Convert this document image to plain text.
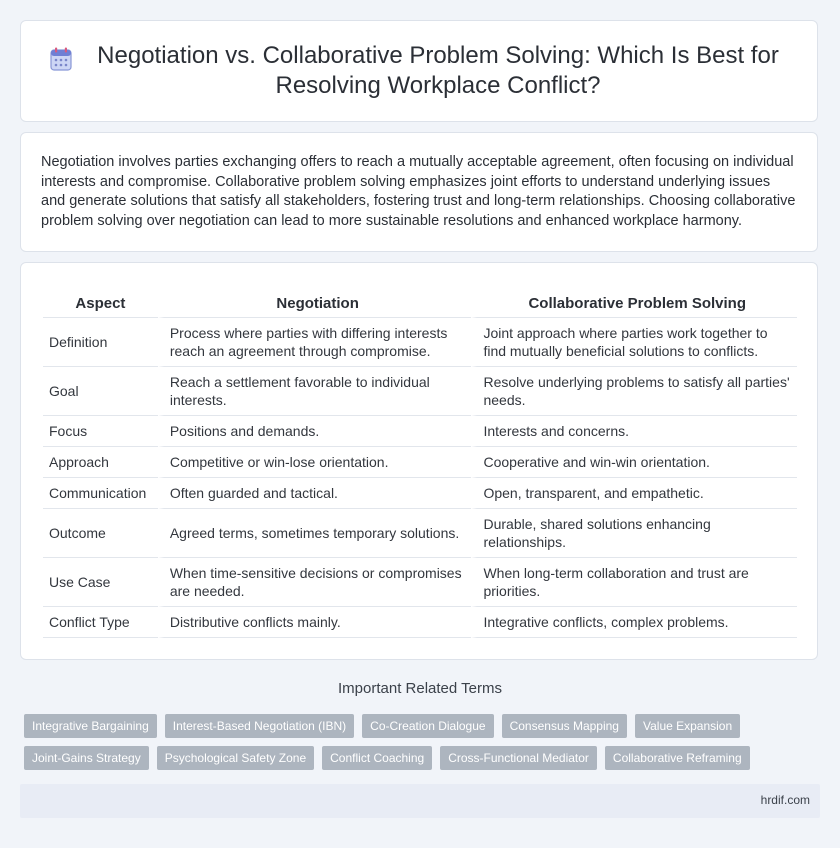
Negotiation vs. Collaborative Problem Solving: Which Is Best for Resolving Workplace Conflict?

Negotiation involves parties exchanging offers to reach a mutually acceptable agreement, often focusing on individual interests and compromise. Collaborative problem solving emphasizes joint efforts to understand underlying issues and generate solutions that satisfy all stakeholders, fostering trust and long-term relationships. Choosing collaborative problem solving over negotiation can lead to more sustainable resolutions and enhanced workplace harmony.

Aspect	Negotiation	Collaborative Problem Solving
Definition	Process where parties with differing interests reach an agreement through compromise.	Joint approach where parties work together to find mutually beneficial solutions to conflicts.
Goal	Reach a settlement favorable to individual interests.	Resolve underlying problems to satisfy all parties' needs.
Focus	Positions and demands.	Interests and concerns.
Approach	Competitive or win-lose orientation.	Cooperative and win-win orientation.
Communication	Often guarded and tactical.	Open, transparent, and empathetic.
Outcome	Agreed terms, sometimes temporary solutions.	Durable, shared solutions enhancing relationships.
Use Case	When time-sensitive decisions or compromises are needed.	When long-term collaboration and trust are priorities.
Conflict Type	Distributive conflicts mainly.	Integrative conflicts, complex problems.
Important Related Terms
Integrative Bargaining	Interest-Based Negotiation (IBN)	Co-Creation Dialogue	Consensus Mapping	Value Expansion
Joint-Gains Strategy	Psychological Safety Zone	Conflict Coaching	Cross-Functional Mediator	Collaborative Reframing
hrdif.com
